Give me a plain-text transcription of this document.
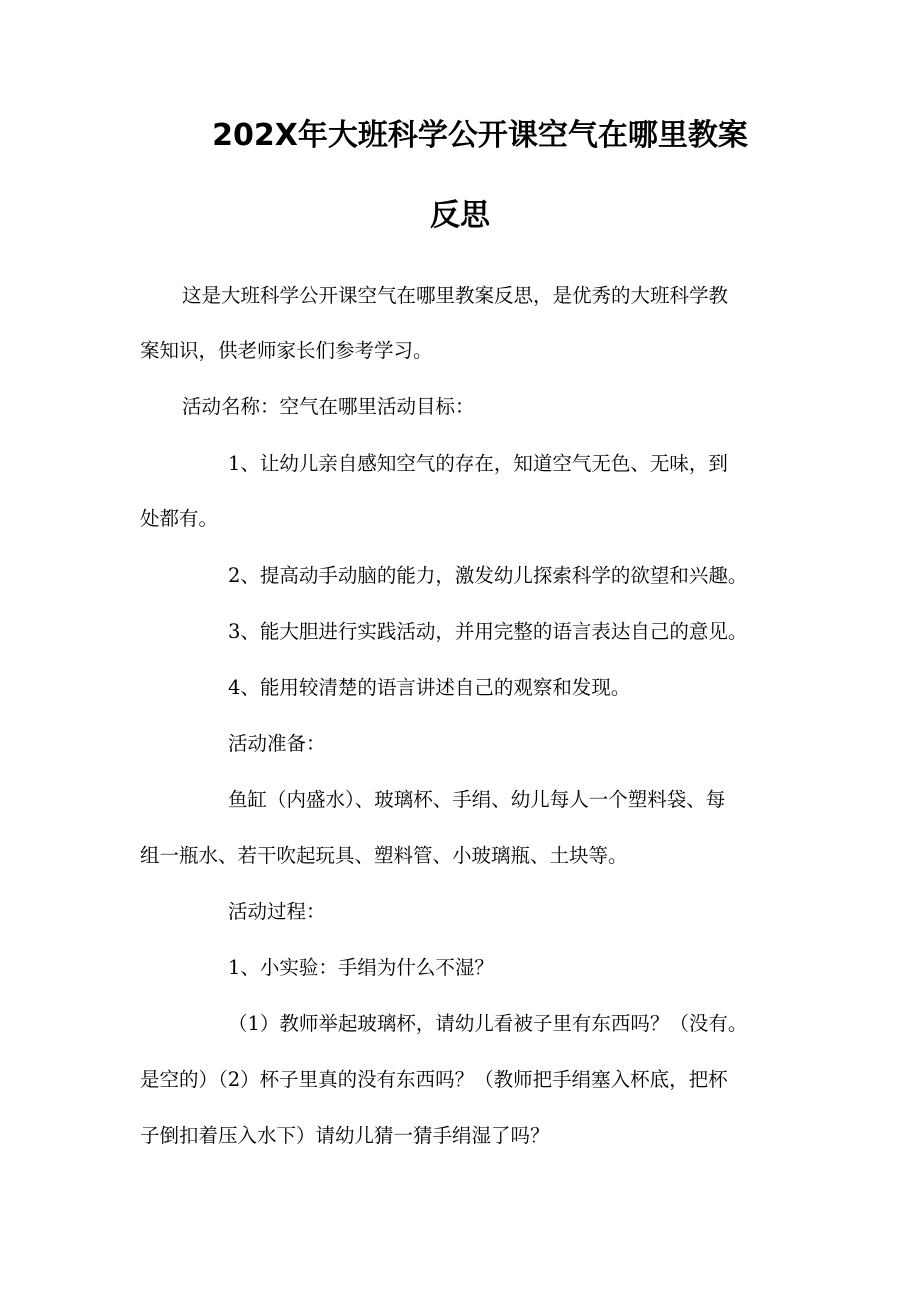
202X年大班科学公开课空气在哪里教案
反思

这是大班科学公开课空气在哪里教案反思，是优秀的大班科学教

案知识，供老师家长们参考学习。

活动名称：空气在哪里活动目标：

1、让幼儿亲自感知空气的存在，知道空气无色、无味，到

处都有。

2、提高动手动脑的能力，激发幼儿探索科学的欲望和兴趣。

3、能大胆进行实践活动，并用完整的语言表达自己的意见。

4、能用较清楚的语言讲述自己的观察和发现。

活动准备：

鱼缸（内盛水）、玻璃杯、手绢、幼儿每人一个塑料袋、每

组一瓶水、若干吹起玩具、塑料管、小玻璃瓶、土块等。

活动过程：

1、小实验：手绢为什么不湿？

（1）教师举起玻璃杯，请幼儿看被子里有东西吗？（没有。

是空的）（2）杯子里真的没有东西吗？（教师把手绢塞入杯底，把杯

子倒扣着压入水下）请幼儿猜一猜手绢湿了吗？
